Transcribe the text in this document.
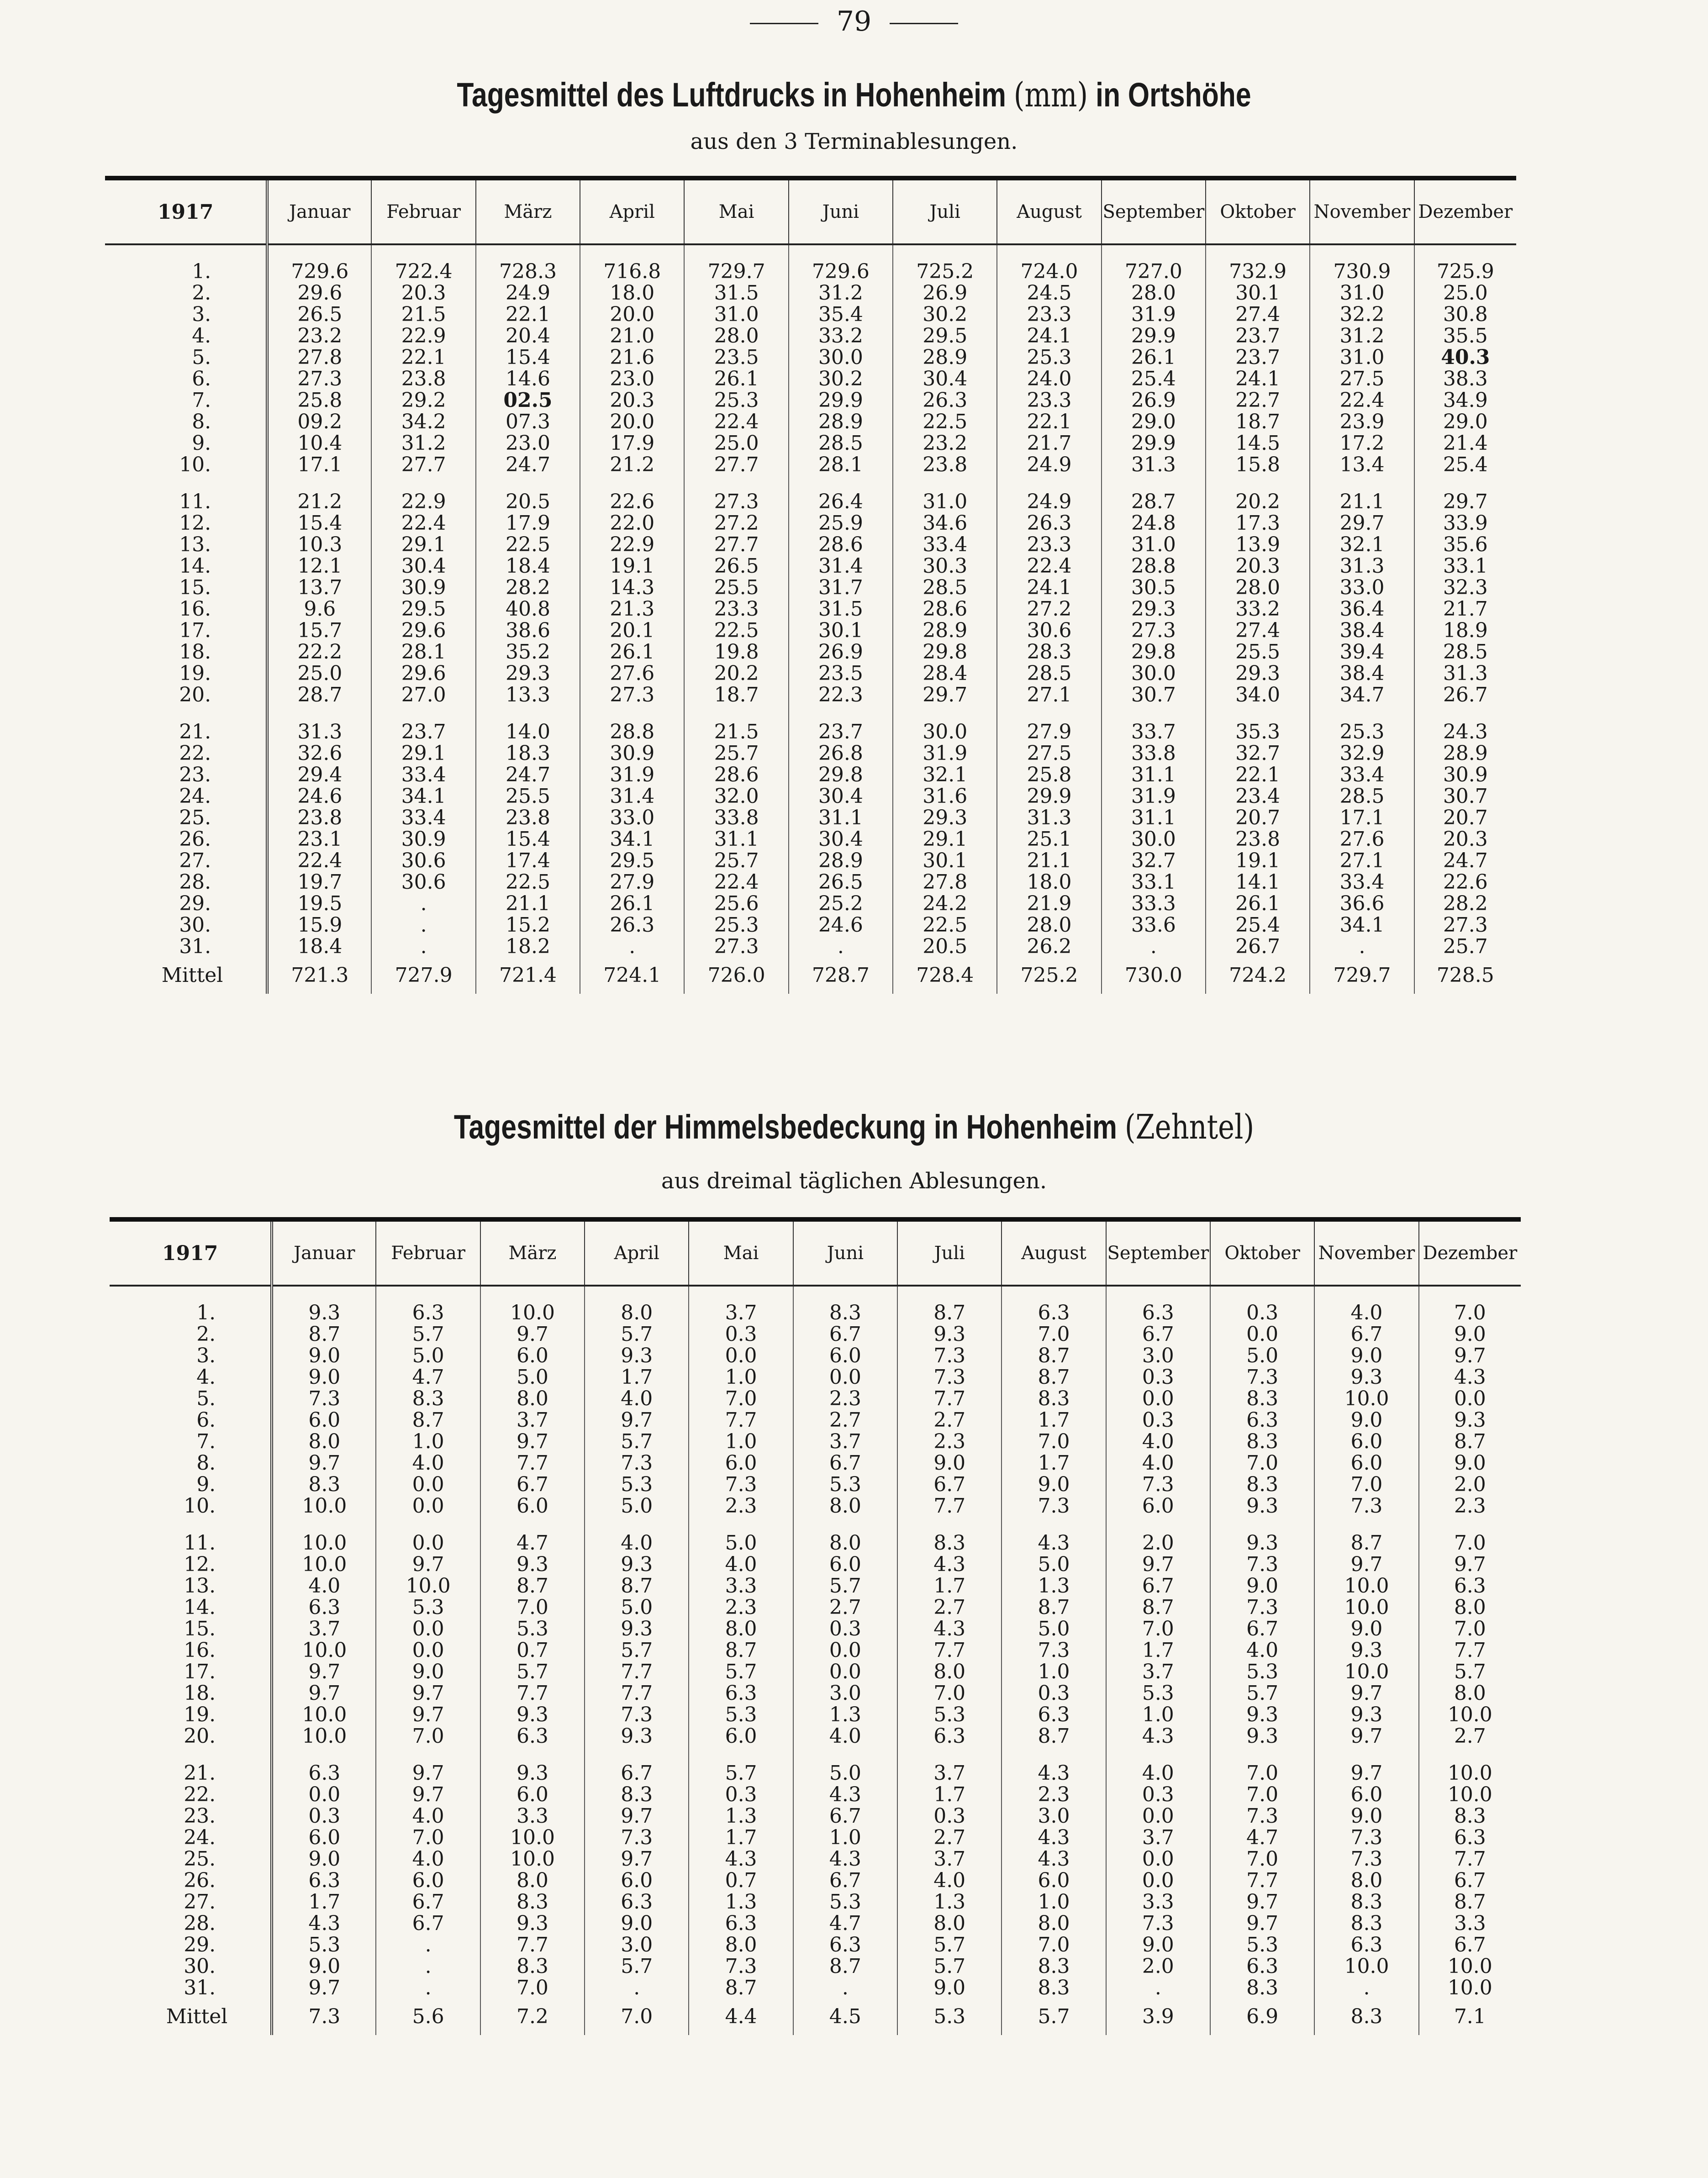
79
Tagesmittel des Luftdrucks in Hohenheim (mm) in Ortshöhe
aus den 3 Terminablesungen.
1917	Januar	Februar	März	April	Mai	Juni	Juli	August	September	Oktober	November	Dezember

1.	729.6	722.4	728.3	716.8	729.7	729.6	725.2	724.0	727.0	732.9	730.9	725.9
2.	29.6	20.3	24.9	18.0	31.5	31.2	26.9	24.5	28.0	30.1	31.0	25.0
3.	26.5	21.5	22.1	20.0	31.0	35.4	30.2	23.3	31.9	27.4	32.2	30.8
4.	23.2	22.9	20.4	21.0	28.0	33.2	29.5	24.1	29.9	23.7	31.2	35.5
5.	27.8	22.1	15.4	21.6	23.5	30.0	28.9	25.3	26.1	23.7	31.0	40.3
6.	27.3	23.8	14.6	23.0	26.1	30.2	30.4	24.0	25.4	24.1	27.5	38.3
7.	25.8	29.2	02.5	20.3	25.3	29.9	26.3	23.3	26.9	22.7	22.4	34.9
8.	09.2	34.2	07.3	20.0	22.4	28.9	22.5	22.1	29.0	18.7	23.9	29.0
9.	10.4	31.2	23.0	17.9	25.0	28.5	23.2	21.7	29.9	14.5	17.2	21.4
10.	17.1	27.7	24.7	21.2	27.7	28.1	23.8	24.9	31.3	15.8	13.4	25.4

11.	21.2	22.9	20.5	22.6	27.3	26.4	31.0	24.9	28.7	20.2	21.1	29.7
12.	15.4	22.4	17.9	22.0	27.2	25.9	34.6	26.3	24.8	17.3	29.7	33.9
13.	10.3	29.1	22.5	22.9	27.7	28.6	33.4	23.3	31.0	13.9	32.1	35.6
14.	12.1	30.4	18.4	19.1	26.5	31.4	30.3	22.4	28.8	20.3	31.3	33.1
15.	13.7	30.9	28.2	14.3	25.5	31.7	28.5	24.1	30.5	28.0	33.0	32.3
16.	9.6	29.5	40.8	21.3	23.3	31.5	28.6	27.2	29.3	33.2	36.4	21.7
17.	15.7	29.6	38.6	20.1	22.5	30.1	28.9	30.6	27.3	27.4	38.4	18.9
18.	22.2	28.1	35.2	26.1	19.8	26.9	29.8	28.3	29.8	25.5	39.4	28.5
19.	25.0	29.6	29.3	27.6	20.2	23.5	28.4	28.5	30.0	29.3	38.4	31.3
20.	28.7	27.0	13.3	27.3	18.7	22.3	29.7	27.1	30.7	34.0	34.7	26.7

21.	31.3	23.7	14.0	28.8	21.5	23.7	30.0	27.9	33.7	35.3	25.3	24.3
22.	32.6	29.1	18.3	30.9	25.7	26.8	31.9	27.5	33.8	32.7	32.9	28.9
23.	29.4	33.4	24.7	31.9	28.6	29.8	32.1	25.8	31.1	22.1	33.4	30.9
24.	24.6	34.1	25.5	31.4	32.0	30.4	31.6	29.9	31.9	23.4	28.5	30.7
25.	23.8	33.4	23.8	33.0	33.8	31.1	29.3	31.3	31.1	20.7	17.1	20.7
26.	23.1	30.9	15.4	34.1	31.1	30.4	29.1	25.1	30.0	23.8	27.6	20.3
27.	22.4	30.6	17.4	29.5	25.7	28.9	30.1	21.1	32.7	19.1	27.1	24.7
28.	19.7	30.6	22.5	27.9	22.4	26.5	27.8	18.0	33.1	14.1	33.4	22.6
29.	19.5	.	21.1	26.1	25.6	25.2	24.2	21.9	33.3	26.1	36.6	28.2
30.	15.9	.	15.2	26.3	25.3	24.6	22.5	28.0	33.6	25.4	34.1	27.3
31.	18.4	.	18.2	.	27.3	.	20.5	26.2	.	26.7	.	25.7
Mittel	721.3	727.9	721.4	724.1	726.0	728.7	728.4	725.2	730.0	724.2	729.7	728.5
Tagesmittel der Himmelsbedeckung in Hohenheim (Zehntel)
aus dreimal täglichen Ablesungen.
1917	Januar	Februar	März	April	Mai	Juni	Juli	August	September	Oktober	November	Dezember

1.	9.3	6.3	10.0	8.0	3.7	8.3	8.7	6.3	6.3	0.3	4.0	7.0
2.	8.7	5.7	9.7	5.7	0.3	6.7	9.3	7.0	6.7	0.0	6.7	9.0
3.	9.0	5.0	6.0	9.3	0.0	6.0	7.3	8.7	3.0	5.0	9.0	9.7
4.	9.0	4.7	5.0	1.7	1.0	0.0	7.3	8.7	0.3	7.3	9.3	4.3
5.	7.3	8.3	8.0	4.0	7.0	2.3	7.7	8.3	0.0	8.3	10.0	0.0
6.	6.0	8.7	3.7	9.7	7.7	2.7	2.7	1.7	0.3	6.3	9.0	9.3
7.	8.0	1.0	9.7	5.7	1.0	3.7	2.3	7.0	4.0	8.3	6.0	8.7
8.	9.7	4.0	7.7	7.3	6.0	6.7	9.0	1.7	4.0	7.0	6.0	9.0
9.	8.3	0.0	6.7	5.3	7.3	5.3	6.7	9.0	7.3	8.3	7.0	2.0
10.	10.0	0.0	6.0	5.0	2.3	8.0	7.7	7.3	6.0	9.3	7.3	2.3

11.	10.0	0.0	4.7	4.0	5.0	8.0	8.3	4.3	2.0	9.3	8.7	7.0
12.	10.0	9.7	9.3	9.3	4.0	6.0	4.3	5.0	9.7	7.3	9.7	9.7
13.	4.0	10.0	8.7	8.7	3.3	5.7	1.7	1.3	6.7	9.0	10.0	6.3
14.	6.3	5.3	7.0	5.0	2.3	2.7	2.7	8.7	8.7	7.3	10.0	8.0
15.	3.7	0.0	5.3	9.3	8.0	0.3	4.3	5.0	7.0	6.7	9.0	7.0
16.	10.0	0.0	0.7	5.7	8.7	0.0	7.7	7.3	1.7	4.0	9.3	7.7
17.	9.7	9.0	5.7	7.7	5.7	0.0	8.0	1.0	3.7	5.3	10.0	5.7
18.	9.7	9.7	7.7	7.7	6.3	3.0	7.0	0.3	5.3	5.7	9.7	8.0
19.	10.0	9.7	9.3	7.3	5.3	1.3	5.3	6.3	1.0	9.3	9.3	10.0
20.	10.0	7.0	6.3	9.3	6.0	4.0	6.3	8.7	4.3	9.3	9.7	2.7

21.	6.3	9.7	9.3	6.7	5.7	5.0	3.7	4.3	4.0	7.0	9.7	10.0
22.	0.0	9.7	6.0	8.3	0.3	4.3	1.7	2.3	0.3	7.0	6.0	10.0
23.	0.3	4.0	3.3	9.7	1.3	6.7	0.3	3.0	0.0	7.3	9.0	8.3
24.	6.0	7.0	10.0	7.3	1.7	1.0	2.7	4.3	3.7	4.7	7.3	6.3
25.	9.0	4.0	10.0	9.7	4.3	4.3	3.7	4.3	0.0	7.0	7.3	7.7
26.	6.3	6.0	8.0	6.0	0.7	6.7	4.0	6.0	0.0	7.7	8.0	6.7
27.	1.7	6.7	8.3	6.3	1.3	5.3	1.3	1.0	3.3	9.7	8.3	8.7
28.	4.3	6.7	9.3	9.0	6.3	4.7	8.0	8.0	7.3	9.7	8.3	3.3
29.	5.3	.	7.7	3.0	8.0	6.3	5.7	7.0	9.0	5.3	6.3	6.7
30.	9.0	.	8.3	5.7	7.3	8.7	5.7	8.3	2.0	6.3	10.0	10.0
31.	9.7	.	7.0	.	8.7	.	9.0	8.3	.	8.3	.	10.0
Mittel	7.3	5.6	7.2	7.0	4.4	4.5	5.3	5.7	3.9	6.9	8.3	7.1
